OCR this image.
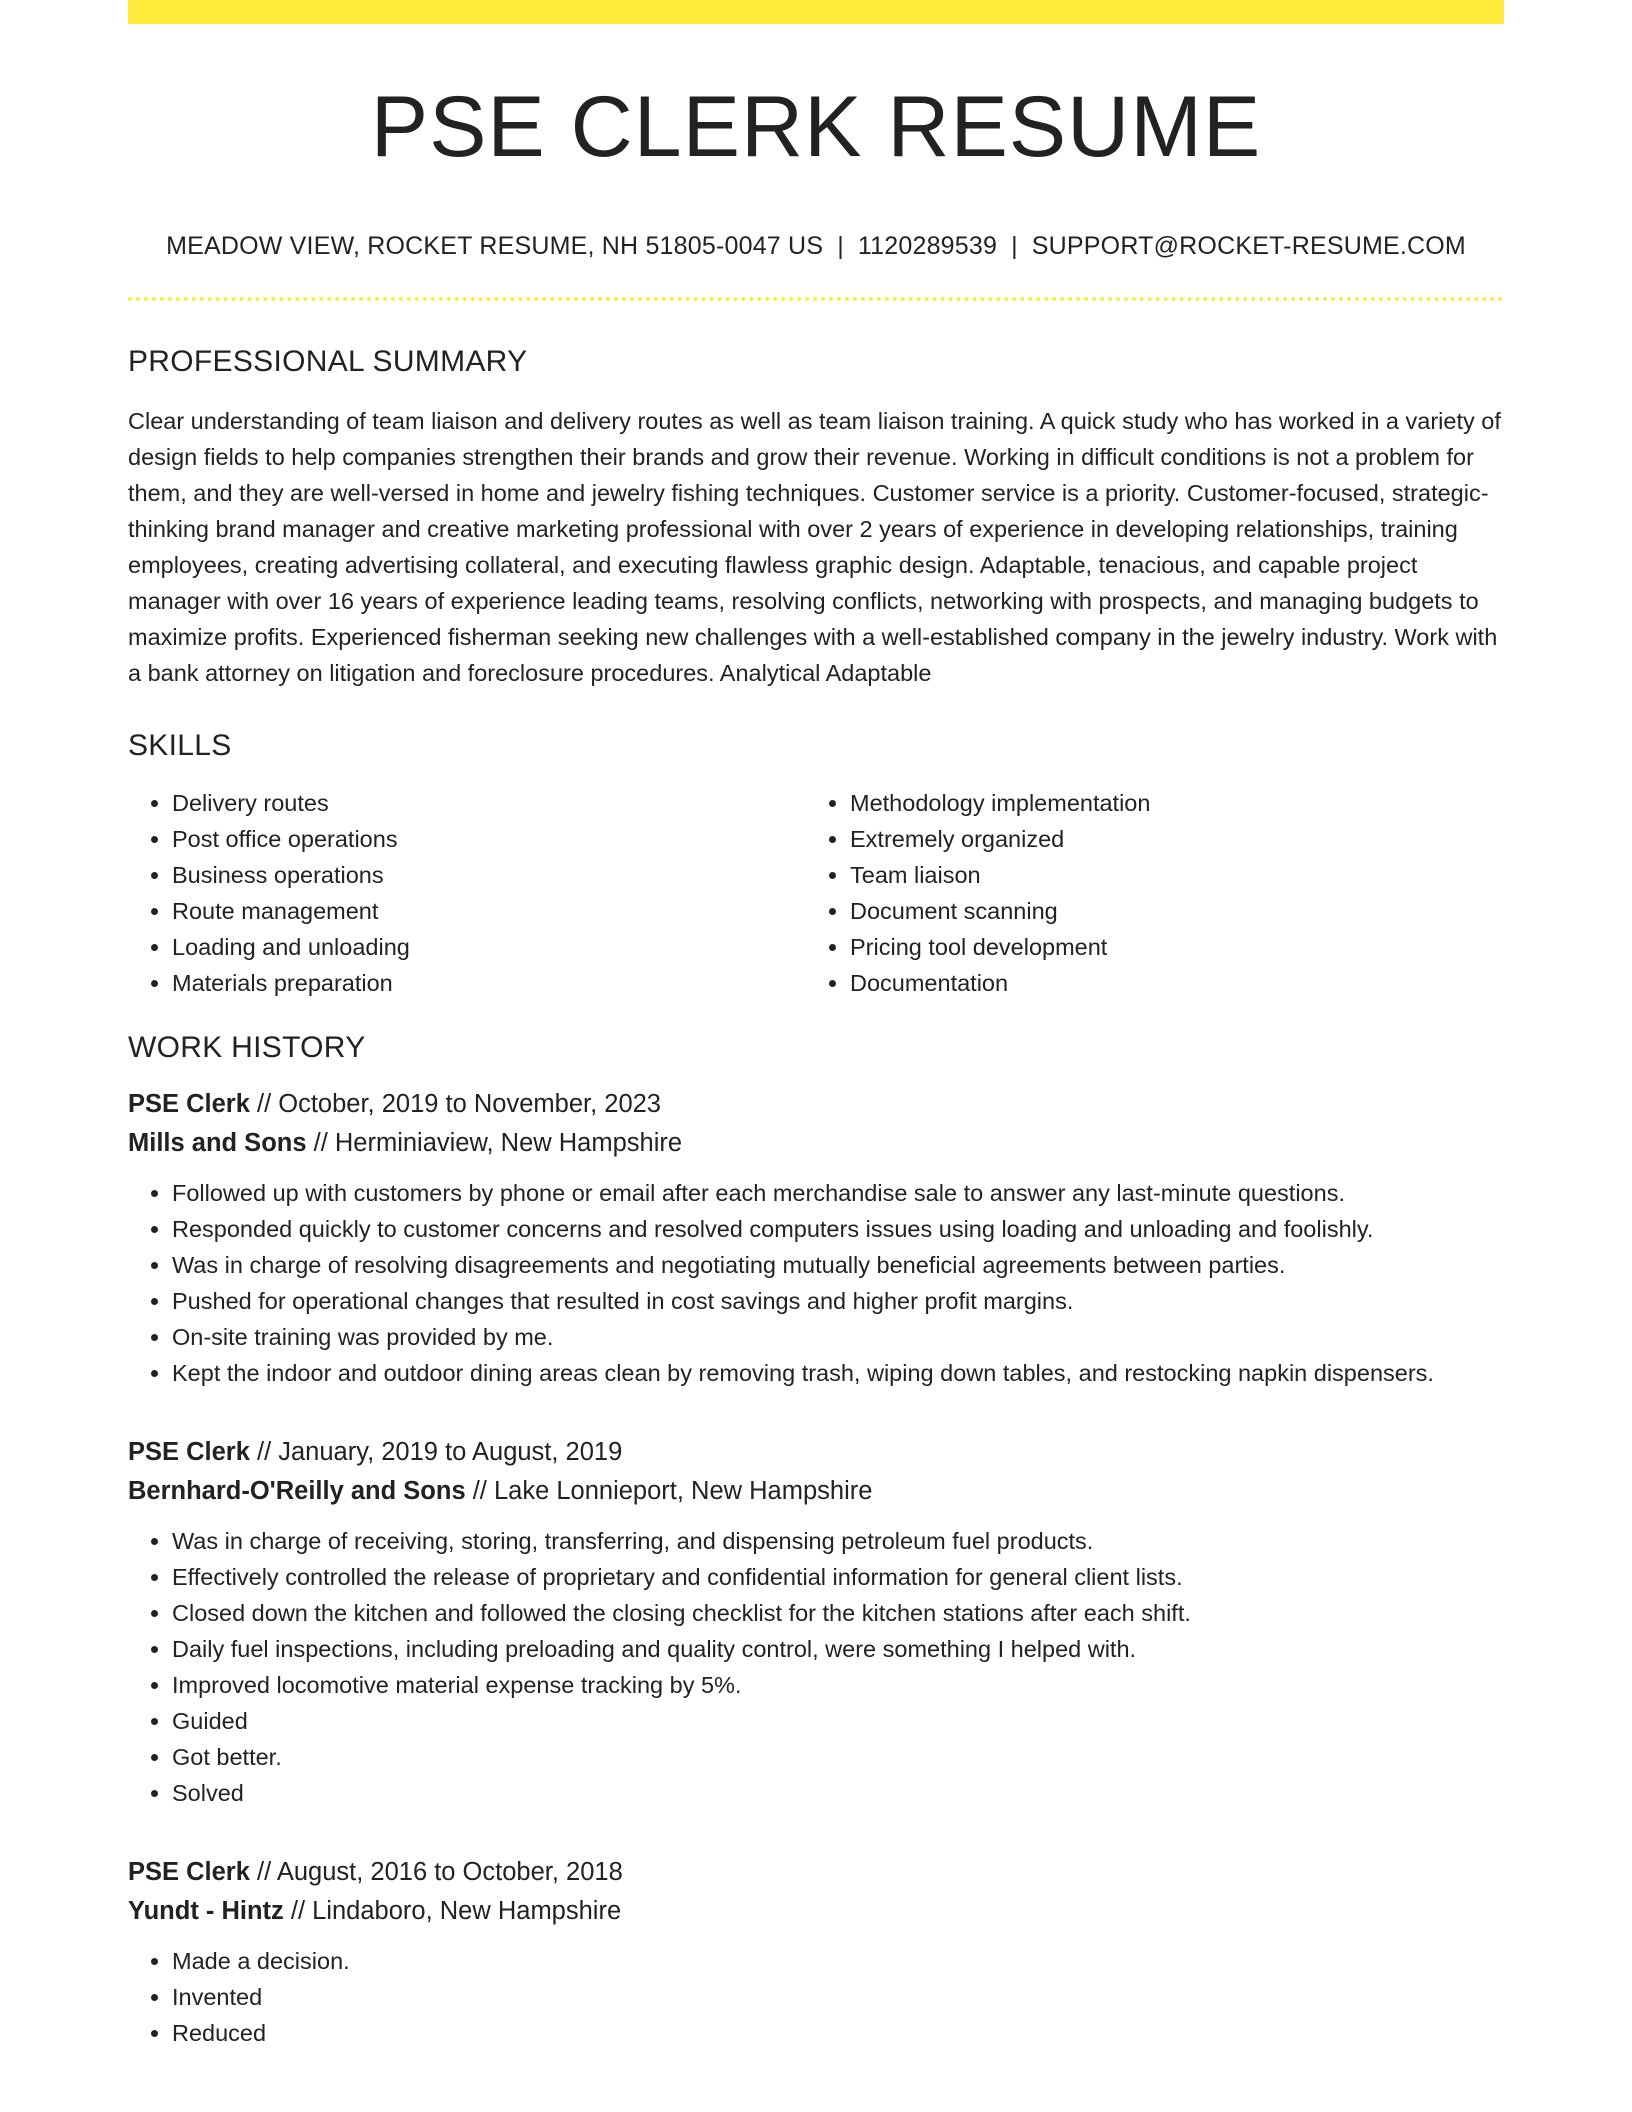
PSE CLERK RESUME
MEADOW VIEW, ROCKET RESUME, NH 51805-0047 US | 1120289539 | SUPPORT@ROCKET-RESUME.COM
PROFESSIONAL SUMMARY

Clear understanding of team liaison and delivery routes as well as team liaison training. A quick study who has worked in a variety of design fields to help companies strengthen their brands and grow their revenue. Working in difficult conditions is not a problem for them, and they are well-versed in home and jewelry fishing techniques. Customer service is a priority. Customer-focused, strategic-thinking brand manager and creative marketing professional with over 2 years of experience in developing relationships, training employees, creating advertising collateral, and executing flawless graphic design. Adaptable, tenacious, and capable project manager with over 16 years of experience leading teams, resolving conflicts, networking with prospects, and managing budgets to maximize profits. Experienced fisherman seeking new challenges with a well-established company in the jewelry industry. Work with a bank attorney on litigation and foreclosure procedures. Analytical Adaptable

SKILLS
• Delivery routes
• Post office operations
• Business operations
• Route management
• Loading and unloading
• Materials preparation
• Methodology implementation
• Extremely organized
• Team liaison
• Document scanning
• Pricing tool development
• Documentation
WORK HISTORY
PSE Clerk // October, 2019 to November, 2023
Mills and Sons // Herminiaview, New Hampshire
• Followed up with customers by phone or email after each merchandise sale to answer any last-minute questions.
• Responded quickly to customer concerns and resolved computers issues using loading and unloading and foolishly.
• Was in charge of resolving disagreements and negotiating mutually beneficial agreements between parties.
• Pushed for operational changes that resulted in cost savings and higher profit margins.
• On-site training was provided by me.
• Kept the indoor and outdoor dining areas clean by removing trash, wiping down tables, and restocking napkin dispensers.
PSE Clerk // January, 2019 to August, 2019
Bernhard-O'Reilly and Sons // Lake Lonnieport, New Hampshire
• Was in charge of receiving, storing, transferring, and dispensing petroleum fuel products.
• Effectively controlled the release of proprietary and confidential information for general client lists.
• Closed down the kitchen and followed the closing checklist for the kitchen stations after each shift.
• Daily fuel inspections, including preloading and quality control, were something I helped with.
• Improved locomotive material expense tracking by 5%.
• Guided
• Got better.
• Solved
PSE Clerk // August, 2016 to October, 2018
Yundt - Hintz // Lindaboro, New Hampshire
• Made a decision.
• Invented
• Reduced
